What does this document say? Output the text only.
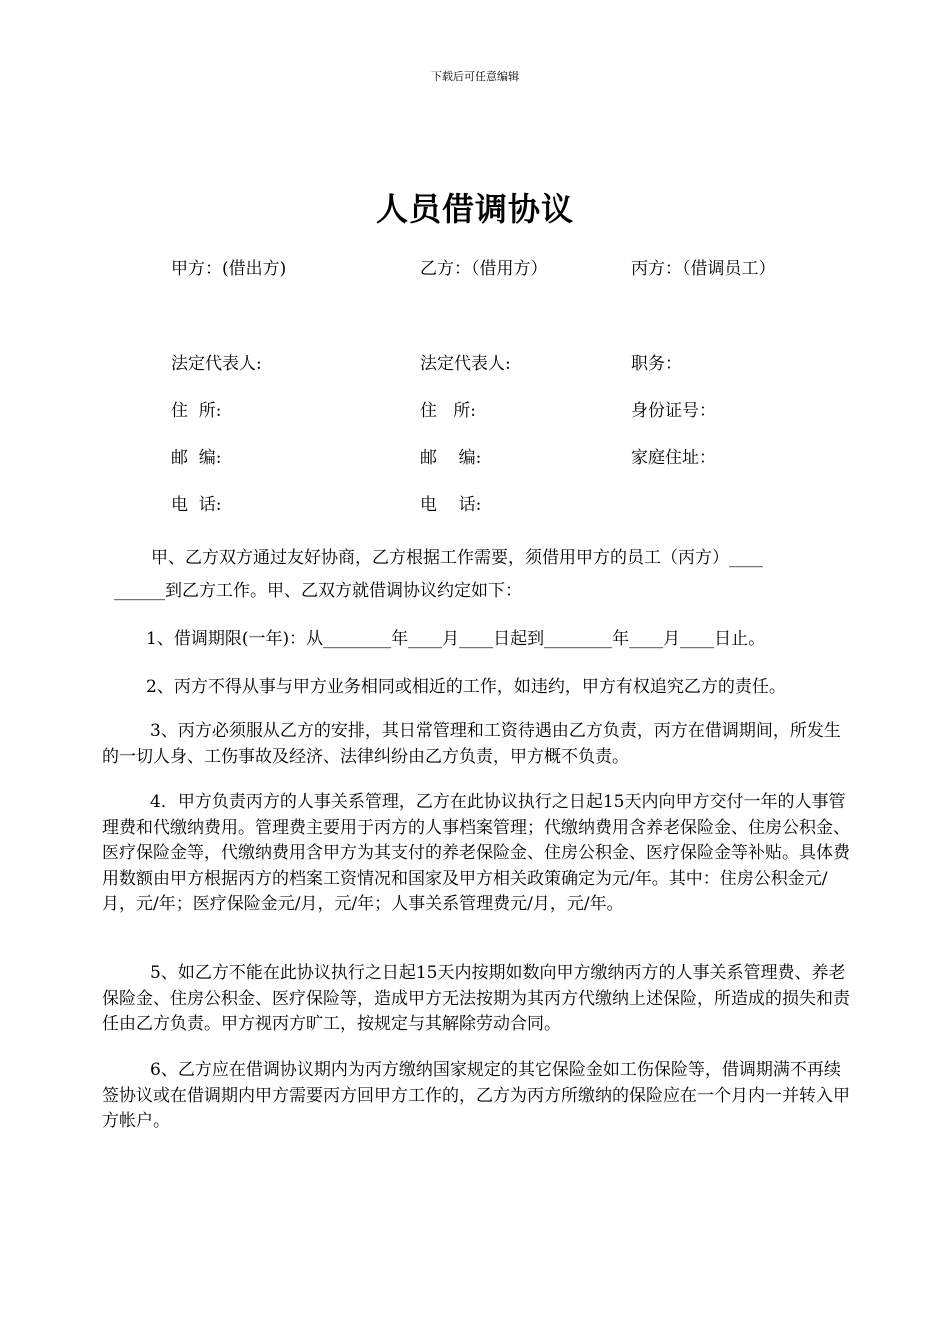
下载后可任意编辑
人员借调协议
甲方：(借出方)	乙方：（借用方）	丙方：（借调员工）
法定代表人:	法定代表人:	职务：
住  所:	住   所:	身份证号：
邮  编:	邮    编:	家庭住址：
电  话:	电    话:
甲、乙方双方通过友好协商，乙方根据工作需要，须借用甲方的员工（丙方）____
______到乙方工作。甲、乙双方就借调协议约定如下：
1、借调期限(一年)：从________年____月____日起到________年____月____日止。
2、丙方不得从事与甲方业务相同或相近的工作，如违约，甲方有权追究乙方的责任。
3、丙方必须服从乙方的安排，其日常管理和工资待遇由乙方负责，丙方在借调期间，所发生的一切人身、工伤事故及经济、法律纠纷由乙方负责，甲方概不负责。
4．甲方负责丙方的人事关系管理，乙方在此协议执行之日起15天内向甲方交付一年的人事管理费和代缴纳费用。管理费主要用于丙方的人事档案管理；代缴纳费用含养老保险金、住房公积金、医疗保险金等，代缴纳费用含甲方为其支付的养老保险金、住房公积金、医疗保险金等补贴。具体费用数额由甲方根据丙方的档案工资情况和国家及甲方相关政策确定为元/年。其中：住房公积金元/月，元/年；医疗保险金元/月，元/年；人事关系管理费元/月，元/年。
5、如乙方不能在此协议执行之日起15天内按期如数向甲方缴纳丙方的人事关系管理费、养老保险金、住房公积金、医疗保险等，造成甲方无法按期为其丙方代缴纳上述保险，所造成的损失和责任由乙方负责。甲方视丙方旷工，按规定与其解除劳动合同。
6、乙方应在借调协议期内为丙方缴纳国家规定的其它保险金如工伤保险等，借调期满不再续签协议或在借调期内甲方需要丙方回甲方工作的，乙方为丙方所缴纳的保险应在一个月内一并转入甲方帐户。
